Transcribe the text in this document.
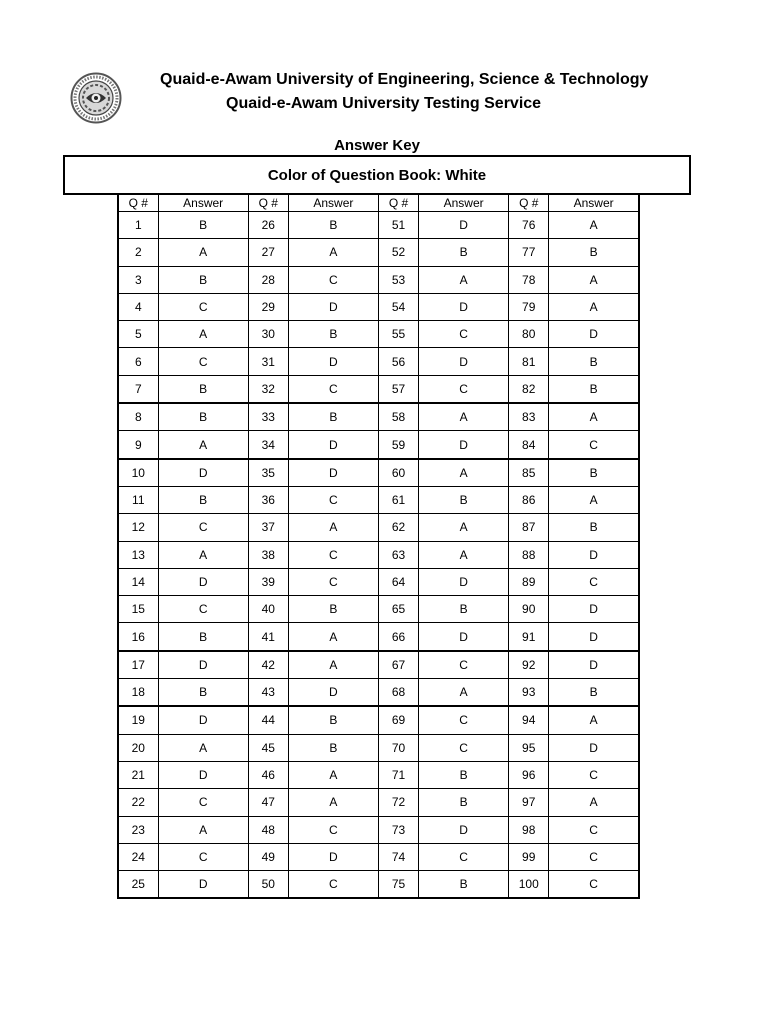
Quaid-e-Awam University of Engineering, Science & Technology
Quaid-e-Awam University Testing Service
Answer Key
Color of Question Book: White
Q #	Answer	Q #	Answer	Q #	Answer	Q #	Answer
1	B	26	B	51	D	76	A
2	A	27	A	52	B	77	B
3	B	28	C	53	A	78	A
4	C	29	D	54	D	79	A
5	A	30	B	55	C	80	D
6	C	31	D	56	D	81	B
7	B	32	C	57	C	82	B
8	B	33	B	58	A	83	A
9	A	34	D	59	D	84	C
10	D	35	D	60	A	85	B
11	B	36	C	61	B	86	A
12	C	37	A	62	A	87	B
13	A	38	C	63	A	88	D
14	D	39	C	64	D	89	C
15	C	40	B	65	B	90	D
16	B	41	A	66	D	91	D
17	D	42	A	67	C	92	D
18	B	43	D	68	A	93	B
19	D	44	B	69	C	94	A
20	A	45	B	70	C	95	D
21	D	46	A	71	B	96	C
22	C	47	A	72	B	97	A
23	A	48	C	73	D	98	C
24	C	49	D	74	C	99	C
25	D	50	C	75	B	100	C
